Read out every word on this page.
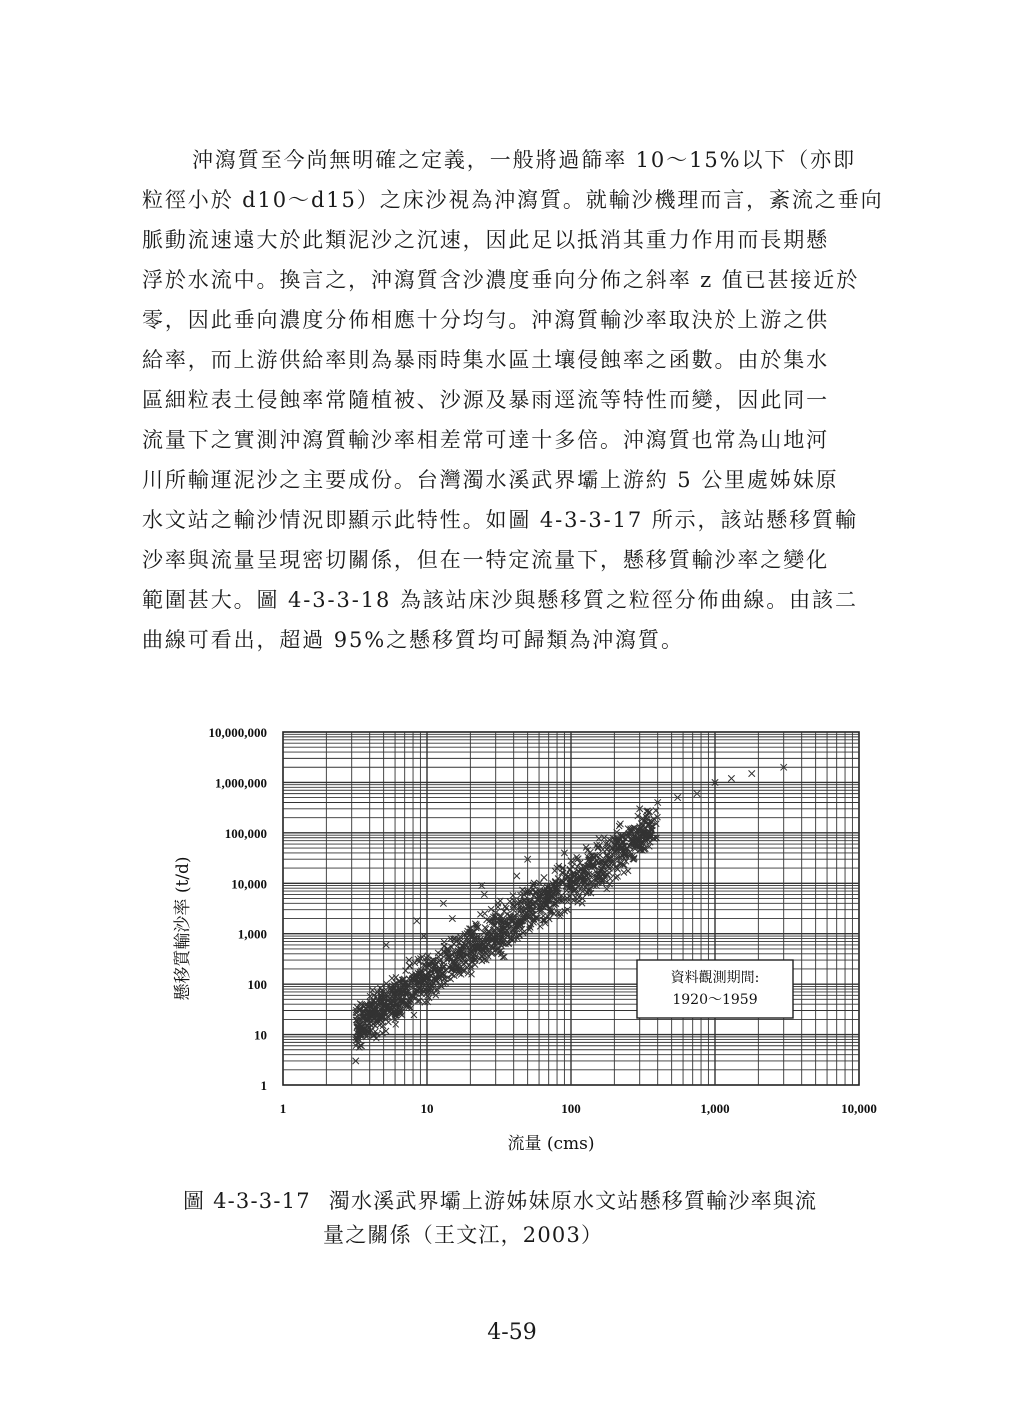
沖瀉質至今尚無明確之定義，一般將過篩率 10～15%以下（亦即
粒徑小於 d10～d15）之床沙視為沖瀉質。就輸沙機理而言，紊流之垂向
脈動流速遠大於此類泥沙之沉速，因此足以抵消其重力作用而長期懸
浮於水流中。換言之，沖瀉質含沙濃度垂向分佈之斜率 z 值已甚接近於
零，因此垂向濃度分佈相應十分均勻。沖瀉質輸沙率取決於上游之供
給率，而上游供給率則為暴雨時集水區土壤侵蝕率之函數。由於集水
區細粒表土侵蝕率常隨植被、沙源及暴雨逕流等特性而變，因此同一
流量下之實測沖瀉質輸沙率相差常可達十多倍。沖瀉質也常為山地河
川所輸運泥沙之主要成份。台灣濁水溪武界壩上游約 5 公里處姊妹原
水文站之輸沙情況即顯示此特性。如圖 4-3-3-17 所示，該站懸移質輸
沙率與流量呈現密切關係，但在一特定流量下，懸移質輸沙率之變化
範圍甚大。圖 4-3-3-18 為該站床沙與懸移質之粒徑分佈曲線。由該二
曲線可看出，超過 95%之懸移質均可歸類為沖瀉質。
1
10
100
1,000
10,000
100,000
1,000,000
10,000,000
1	10	100	1,000	10,000
流量 (cms)
懸移質輸沙率 (t/d)	資料觀測期間:
1920～1959
圖 4-3-3-17 濁水溪武界壩上游姊妹原水文站懸移質輸沙率與流
量之關係（王文江，2003）
4-59
